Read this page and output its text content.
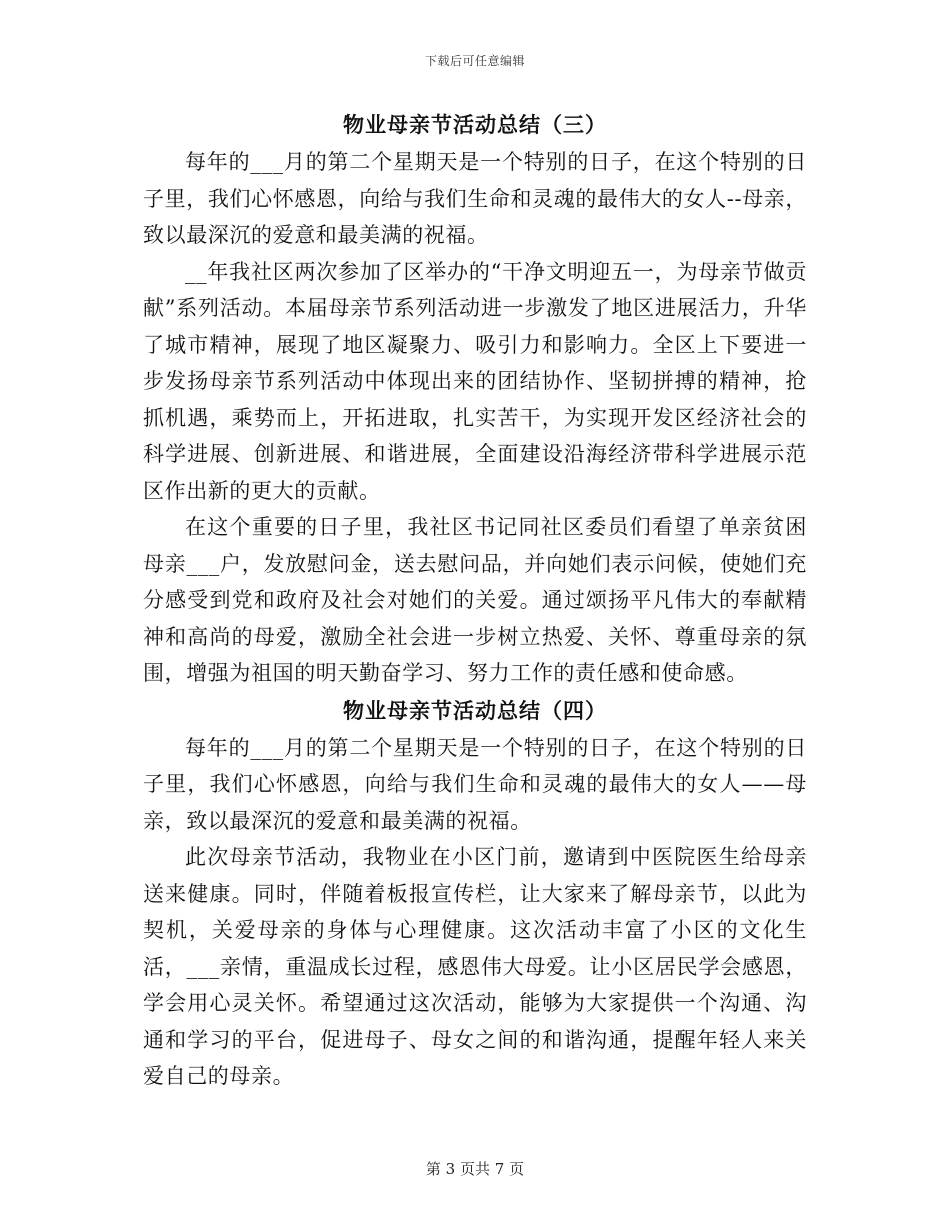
下载后可任意编辑
物业母亲节活动总结（三）

每年的___月的第二个星期天是一个特别的日子，在这个特别的日子里，我们心怀感恩，向给与我们生命和灵魂的最伟大的女人--母亲，致以最深沉的爱意和最美满的祝福。

__年我社区两次参加了区举办的“干净文明迎五一，为母亲节做贡献”系列活动。本届母亲节系列活动进一步激发了地区进展活力，升华了城市精神，展现了地区凝聚力、吸引力和影响力。全区上下要进一步发扬母亲节系列活动中体现出来的团结协作、坚韧拼搏的精神，抢抓机遇，乘势而上，开拓进取，扎实苦干，为实现开发区经济社会的科学进展、创新进展、和谐进展，全面建设沿海经济带科学进展示范区作出新的更大的贡献。

在这个重要的日子里，我社区书记同社区委员们看望了单亲贫困母亲___户，发放慰问金，送去慰问品，并向她们表示问候，使她们充分感受到党和政府及社会对她们的关爱。通过颂扬平凡伟大的奉献精神和高尚的母爱，激励全社会进一步树立热爱、关怀、尊重母亲的氛围，增强为祖国的明天勤奋学习、努力工作的责任感和使命感。

物业母亲节活动总结（四）

每年的___月的第二个星期天是一个特别的日子，在这个特别的日子里，我们心怀感恩，向给与我们生命和灵魂的最伟大的女人——母亲，致以最深沉的爱意和最美满的祝福。

此次母亲节活动，我物业在小区门前，邀请到中医院医生给母亲送来健康。同时，伴随着板报宣传栏，让大家来了解母亲节，以此为契机，关爱母亲的身体与心理健康。这次活动丰富了小区的文化生活，___亲情，重温成长过程，感恩伟大母爱。让小区居民学会感恩，学会用心灵关怀。希望通过这次活动，能够为大家提供一个沟通、沟通和学习的平台，促进母子、母女之间的和谐沟通，提醒年轻人来关爱自己的母亲。

第 3 页共 7 页
